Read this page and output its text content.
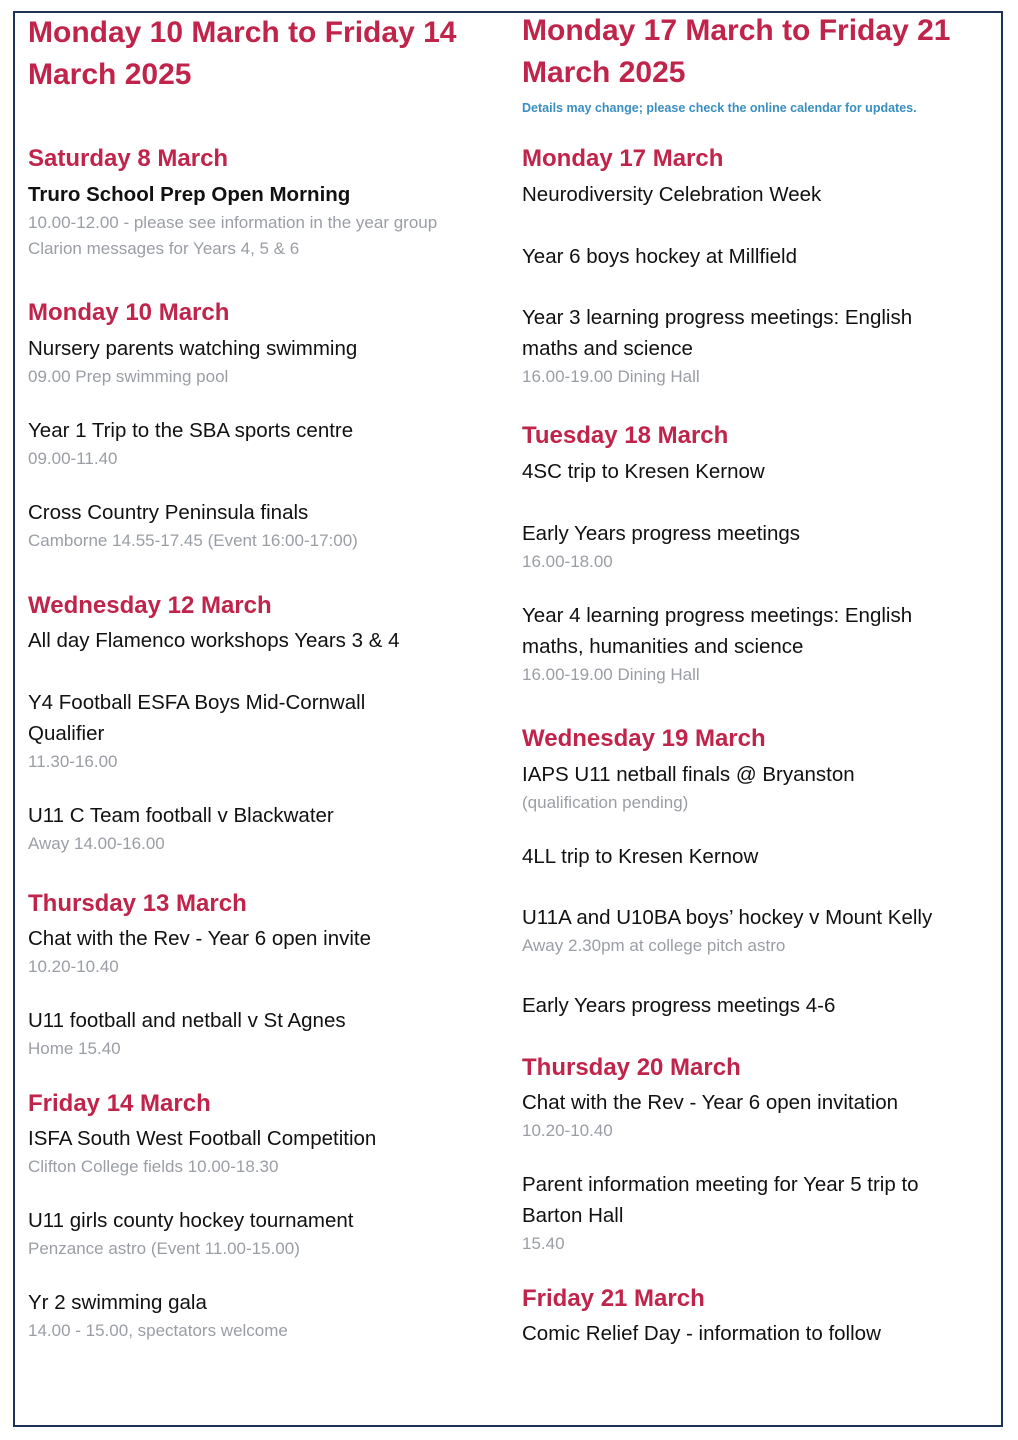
Monday 10 March to Friday 14 March 2025
Saturday 8 March
Truro School Prep Open Morning
10.00-12.00 - please see information in the year group Clarion messages for Years 4, 5 & 6
Monday 10 March
Nursery parents watching swimming
09.00 Prep swimming pool
Year 1 Trip to the SBA sports centre
09.00-11.40
Cross Country Peninsula finals
Camborne 14.55-17.45 (Event 16:00-17:00)
Wednesday 12 March
All day Flamenco workshops Years 3 & 4
Y4 Football ESFA Boys Mid-Cornwall Qualifier
11.30-16.00
U11 C Team football v Blackwater
Away 14.00-16.00
Thursday 13 March
Chat with the Rev - Year 6 open invite
10.20-10.40
U11 football and netball v St Agnes
Home 15.40
Friday 14 March
ISFA South West Football Competition
Clifton College fields 10.00-18.30
U11 girls county hockey tournament
Penzance astro (Event 11.00-15.00)
Yr 2 swimming gala
14.00 - 15.00, spectators welcome
Monday 17 March to Friday 21 March 2025
Details may change; please check the online calendar for updates.
Monday 17 March
Neurodiversity Celebration Week
Year 6 boys hockey at Millfield
Year 3 learning progress meetings: English maths and science
16.00-19.00 Dining Hall
Tuesday 18 March
4SC trip to Kresen Kernow
Early Years progress meetings
16.00-18.00
Year 4 learning progress meetings: English maths, humanities and science
16.00-19.00 Dining Hall
Wednesday 19 March
IAPS U11 netball finals @ Bryanston
(qualification pending)
4LL trip to Kresen Kernow
U11A and U10BA boys’ hockey v Mount Kelly
Away 2.30pm at college pitch astro
Early Years progress meetings 4-6
Thursday 20 March
Chat with the Rev - Year 6 open invitation
10.20-10.40
Parent information meeting for Year 5 trip to Barton Hall
15.40
Friday 21 March
Comic Relief Day - information to follow
